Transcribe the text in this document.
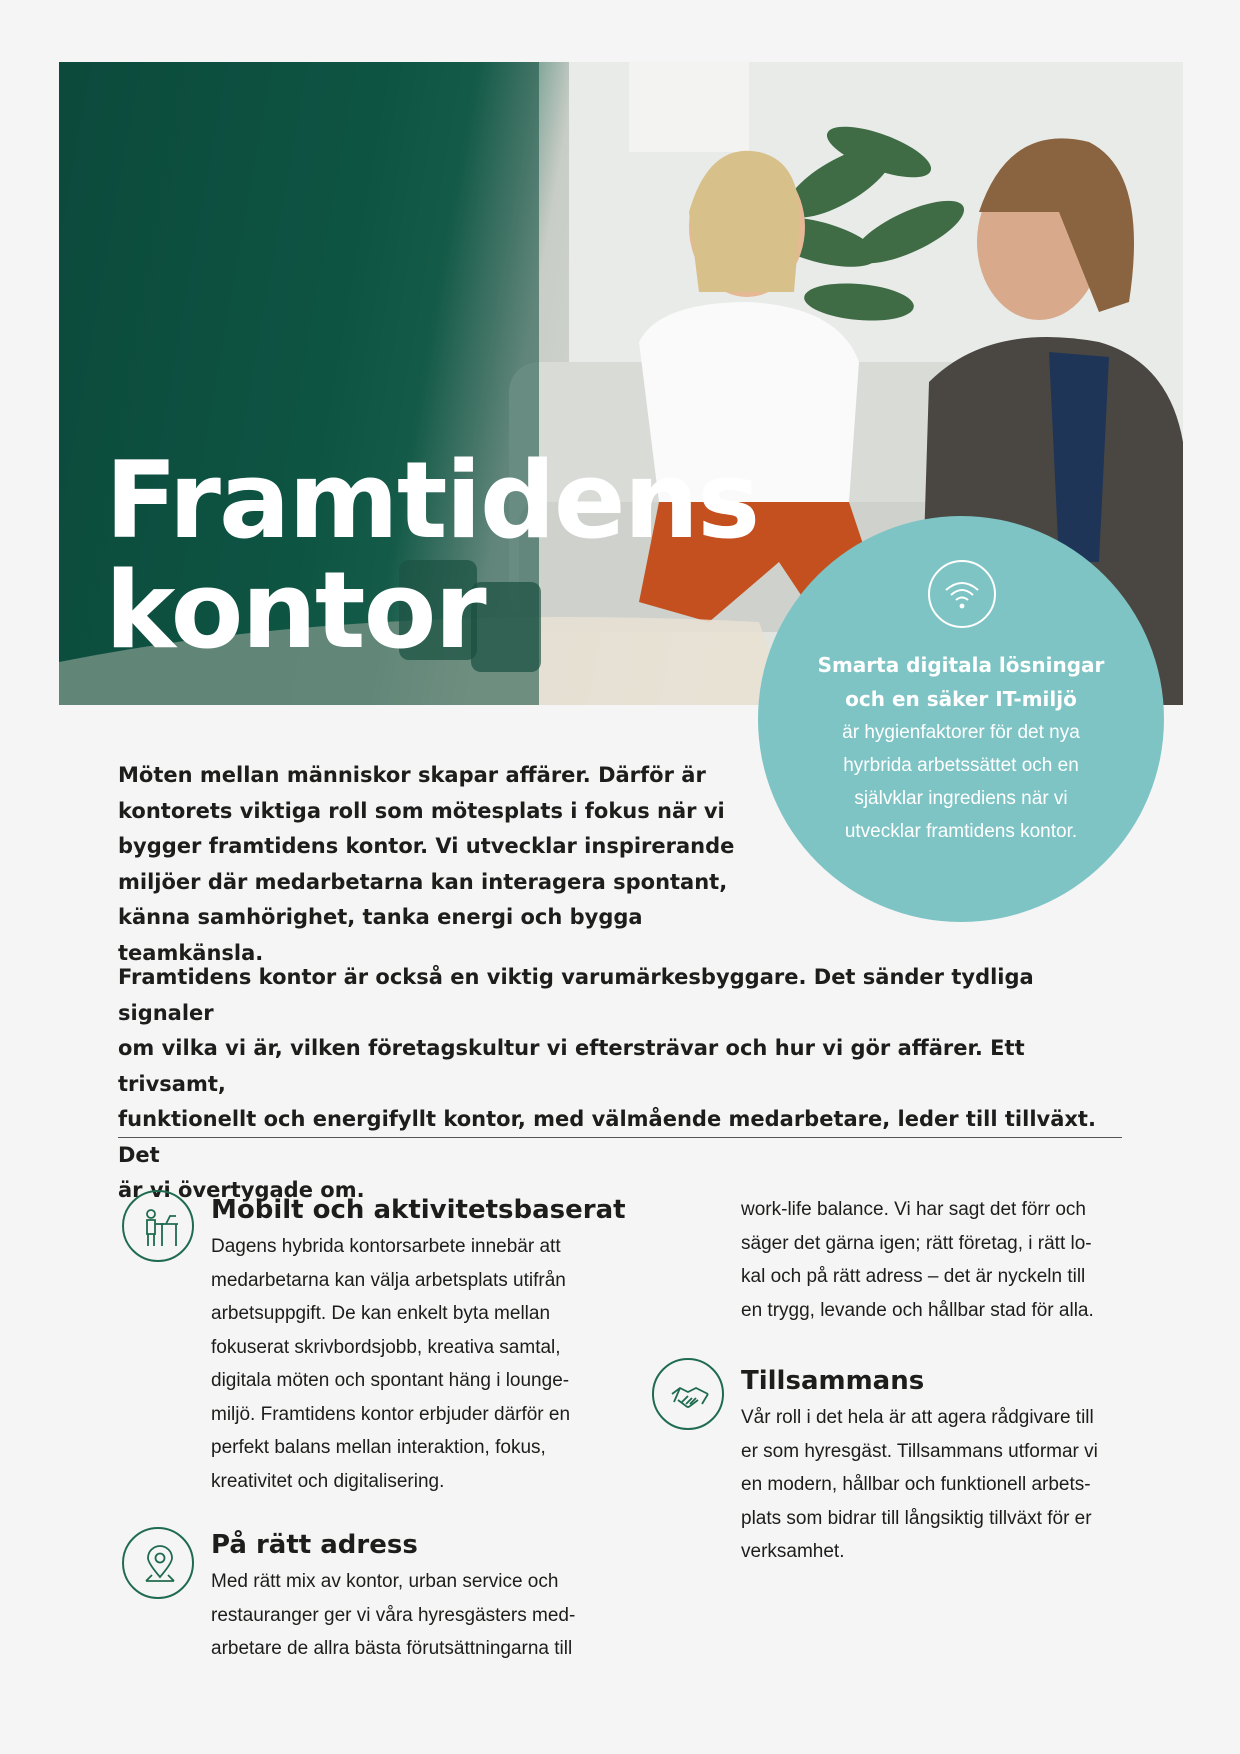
Framtidens
kontor	Smarta digitala lösningar
och en säker IT-miljö
är hygienfaktorer för det nya
hyrbrida arbetssättet och en
självklar ingrediens när vi
utvecklar framtidens kontor.

Möten mellan människor skapar affärer. Därför är
kontorets viktiga roll som mötesplats i fokus när vi
bygger framtidens kontor. Vi utvecklar inspirerande
miljöer där medarbetarna kan interagera spontant,
känna samhörighet, tanka energi och bygga teamkänsla.

Framtidens kontor är också en viktig varumärkesbyggare. Det sänder tydliga signaler
om vilka vi är, vilken företagskultur vi eftersträvar och hur vi gör affärer. Ett trivsamt,
funktionellt och energifyllt kontor, med välmående medarbetare, leder till tillväxt. Det
är vi övertygade om.

Mobilt och aktivitetsbaserat

Dagens hybrida kontorsarbete innebär att
medarbetarna kan välja arbetsplats utifrån
arbetsuppgift. De kan enkelt byta mellan
fokuserat skrivbordsjobb, kreativa samtal,
digitala möten och spontant häng i lounge-
miljö. Framtidens kontor erbjuder därför en
perfekt balans mellan interaktion, fokus,
kreativitet och digitalisering.

På rätt adress

Med rätt mix av kontor, urban service och
restauranger ger vi våra hyresgästers med-
arbetare de allra bästa förutsättningarna till

work-life balance. Vi har sagt det förr och
säger det gärna igen; rätt företag, i rätt lo-
kal och på rätt adress – det är nyckeln till
en trygg, levande och hållbar stad för alla.

Tillsammans

Vår roll i det hela är att agera rådgivare till
er som hyresgäst. Tillsammans utformar vi
en modern, hållbar och funktionell arbets-
plats som bidrar till långsiktig tillväxt för er
verksamhet.
